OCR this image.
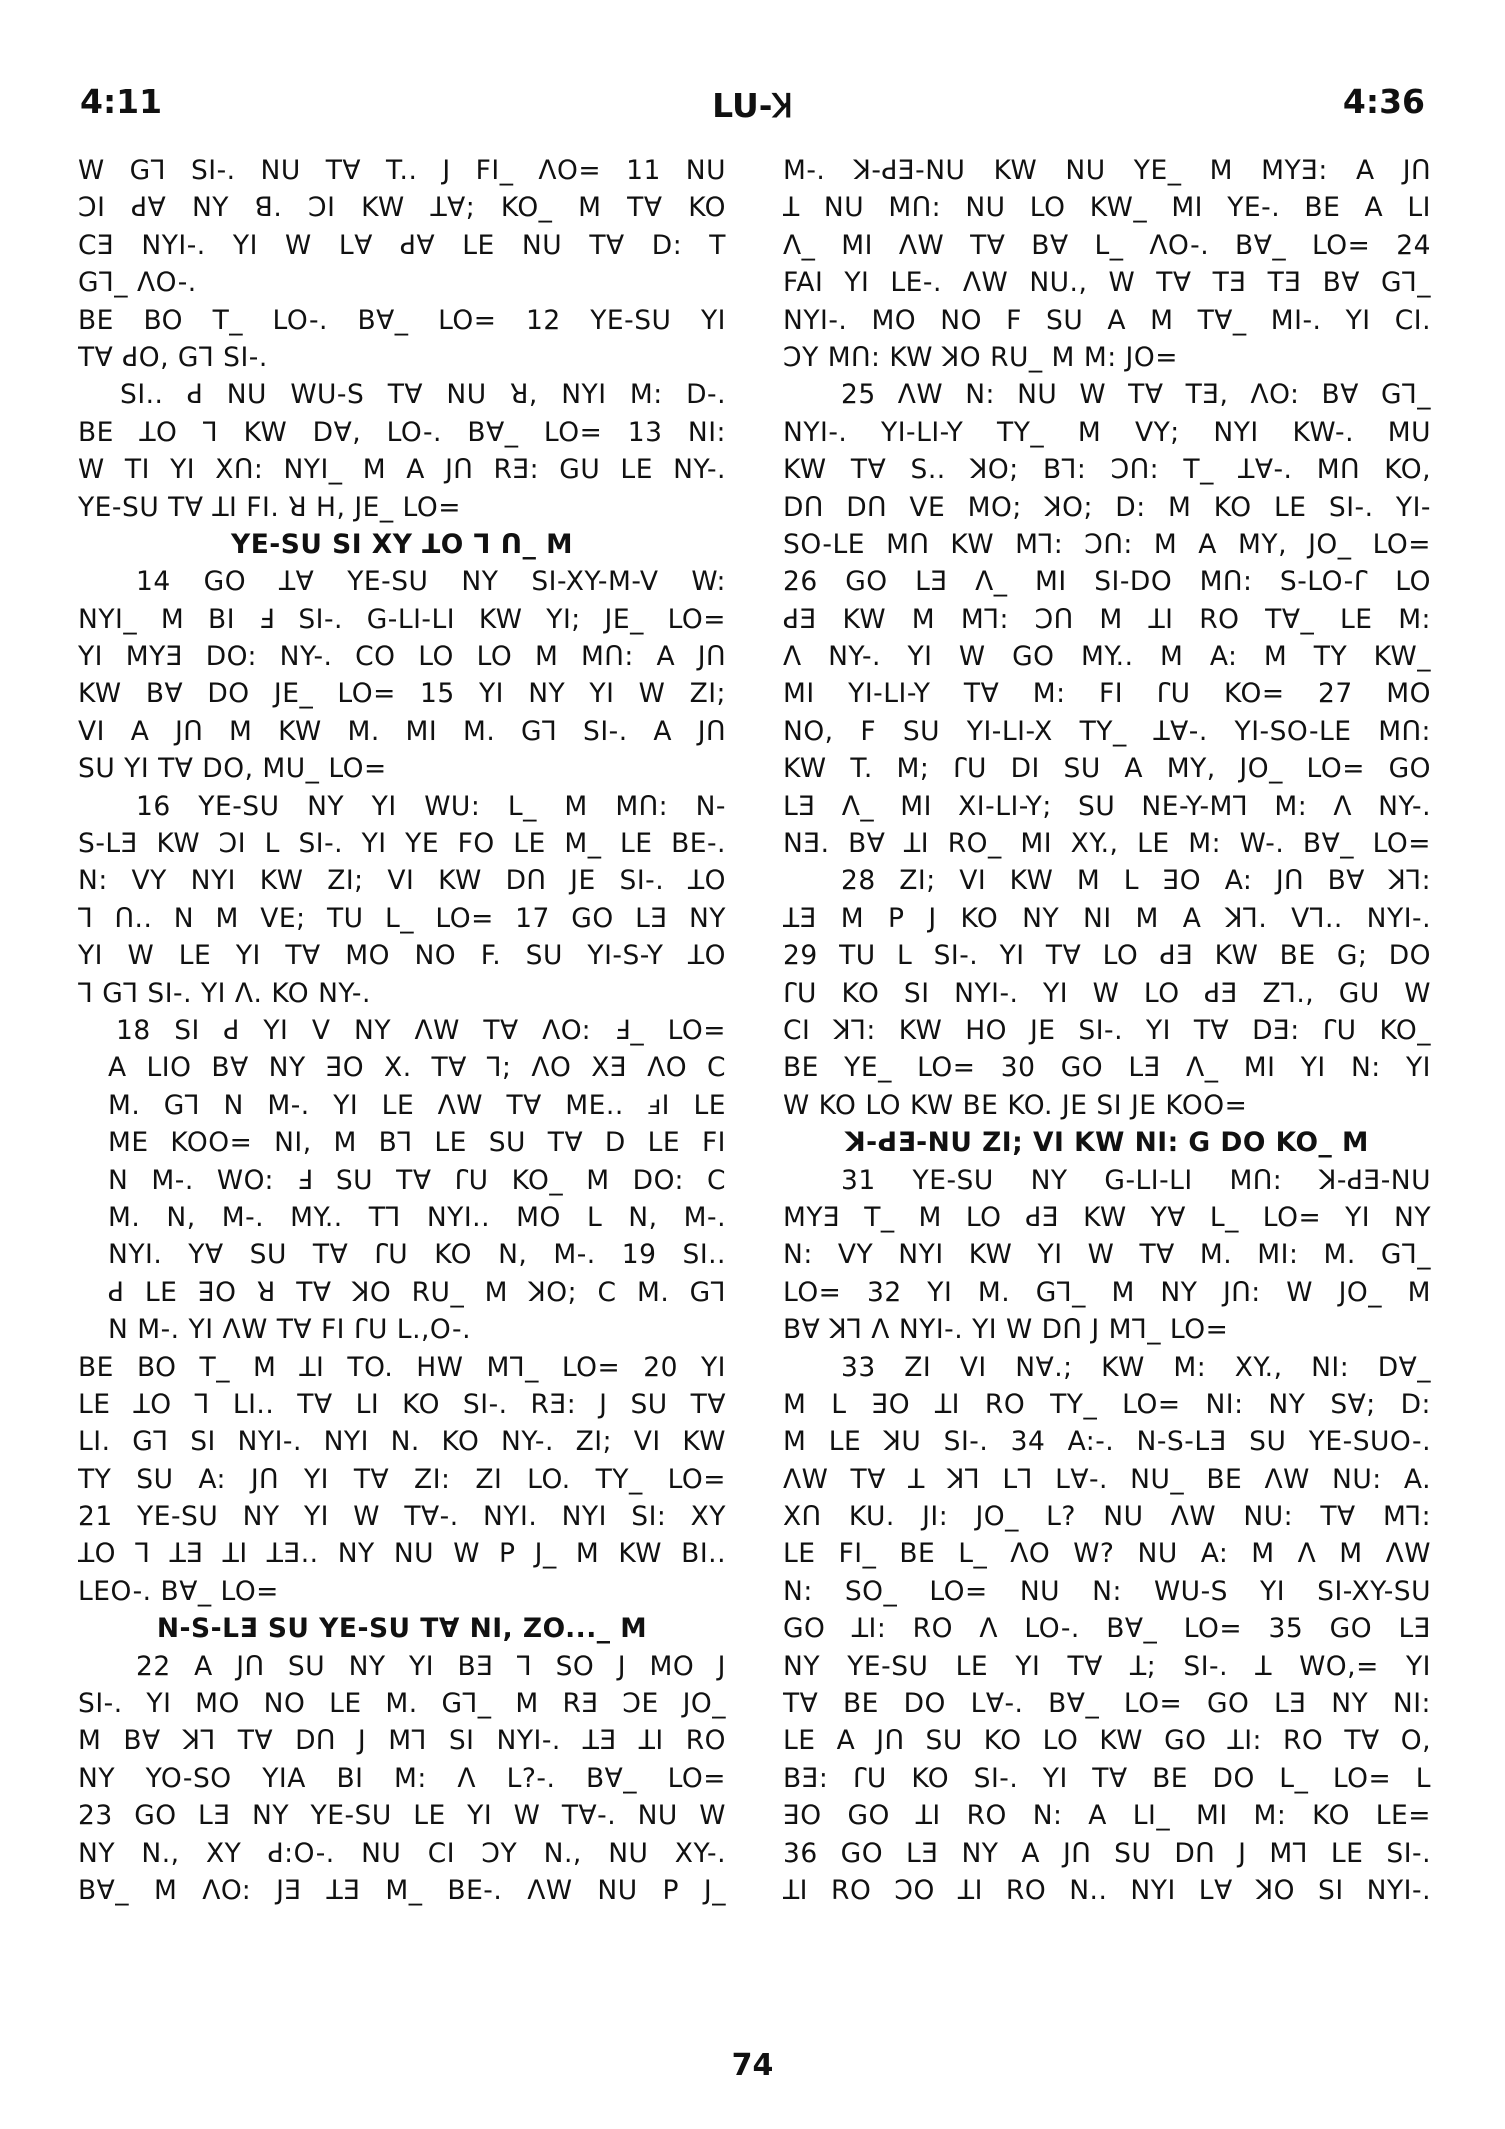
4:11	LU-Ʞ	4:36
W GꞀ SI-. NU Tꓯ T.. J FI_ ꓥO= 11 NU
ƆI ꓒꓯ NY ꓭ. ƆI KW ꓕꓯ; KO_ M Tꓯ KO
CƎ NYI-. YI W Lꓯ ꓒꓯ LE NU Tꓯ D: T
GꞀ_ ꓥO-.
BE BO T_ LO-. Bꓯ_ LO= 12 YE-SU YI
Tꓯ ꓒO, GꞀ SI-.
SI.. ꓒ NU WU-S Tꓯ NU ꓤ, NYI M: D-.
BE ꓕO Ꞁ KW Dꓯ, LO-. Bꓯ_ LO= 13 NI:
W TI YI Xꓵ: NYI_ M A Jꓵ RƎ: GU LE NY-.
YE-SU Tꓯ ꓕI FI. ꓤ H, JE_ LO=
YE-SU SI XY ꓕO Ꞁ ꓵ_ M
14 GO ꓕꓯ YE-SU NY SI-XY-M-V W:
NYI_ M BI Ⅎ SI-. G-LI-LI KW YI; JE_ LO=
YI MYƎ DO: NY-. CO LO LO M Mꓵ: A Jꓵ
KW Bꓯ DO JE_ LO= 15 YI NY YI W ZI;
VI A Jꓵ M KW M. MI M. GꞀ SI-. A Jꓵ
SU YI Tꓯ DO, MU_ LO=
16 YE-SU NY YI WU: L_ M Mꓵ: N-
S-LƎ KW ƆI L SI-. YI YE FO LE M_ LE BE-.
N: VY NYI KW ZI; VI KW Dꓵ JE SI-. ꓕO
Ꞁ ꓵ.. N M VE; TU L_ LO= 17 GO LƎ NY
YI W LE YI Tꓯ MO NO F. SU YI-S-Y ꓕO
Ꞁ GꞀ SI-. YI ꓥ. KO NY-.
18 SI ꓒ YI V NY ꓥW Tꓯ ꓥO: Ⅎ_ LO=
A LIO Bꓯ NY ꓱO X. Tꓯ Ꞁ; ꓥO XƎ ꓥO C
M. GꞀ N M-. YI LE ꓥW Tꓯ ME.. ⅎI LE
ME KOO= NI, M BꞀ LE SU Tꓯ D LE FI
N M-. WO: Ⅎ SU Tꓯ ꓩU KO_ M DO: C
M. N, M-. MY.. TꞀ NYI.. MO L N, M-.
NYI. Yꓯ SU Tꓯ ꓩU KO N, M-. 19 SI..
ꓒ LE ꓱO ꓤ Tꓯ ꓘO RU_ M ꓘO; C M. GꞀ
N M-. YI ꓥW Tꓯ FI ꓩU L.,O-.
BE BO T_ M ꓕI TO. HW MꞀ_ LO= 20 YI
LE ꓕO Ꞁ LI.. Tꓯ LI KO SI-. RƎ: J SU Tꓯ
LI. GꞀ SI NYI-. NYI N. KO NY-. ZI; VI KW
TY SU A: Jꓵ YI Tꓯ ZI: ZI LO. TY_ LO=
21 YE-SU NY YI W Tꓯ-. NYI. NYI SI: XY
ꓕO Ꞁ ꓕƎ ꓕI ꓕƎ.. NY NU W P J_ M KW BI..
LEO-. Bꓯ_ LO=
N-S-LƎ SU YE-SU Tꓯ NI, ZO..._ M
22 A Jꓵ SU NY YI BƎ Ꞁ SO J MO J
SI-. YI MO NO LE M. GꞀ_ M RƎ ƆE JO_
M Bꓯ ꓘꞀ Tꓯ Dꓵ J MꞀ SI NYI-. ꓕƎ ꓕI RO
NY YO-SO YIA BI M: ꓥ L?-. Bꓯ_ LO=
23 GO LƎ NY YE-SU LE YI W Tꓯ-. NU W
NY N., XY ꓒ:O-. NU CI ƆY N., NU XY-.
Bꓯ_ M ꓥO: JƎ ꓕƎ M_ BE-. ꓥW NU P J_
M-. ꓘ-ꓒƎ-NU KW NU YE_ M MYƎ: A Jꓵ
ꓕ NU Mꓵ: NU LO KW_ MI YE-. BE A LI
ꓥ_ MI ꓥW Tꓯ Bꓯ L_ ꓥO-. Bꓯ_ LO= 24
FAI YI LE-. ꓥW NU., W Tꓯ TƎ TƎ Bꓯ GꞀ_
NYI-. MO NO F SU A M Tꓯ_ MI-. YI CI.
ƆY Mꓵ: KW ꓘO RU_ M M: JO=
25 ꓥW N: NU W Tꓯ TƎ, ꓥO: Bꓯ GꞀ_
NYI-. YI-LI-Y TY_ M VY; NYI KW-. MU
KW Tꓯ S.. ꓘO; BꞀ: Ɔꓵ: T_ ꓕꓯ-. Mꓵ KO,
Dꓵ Dꓵ VE MO; ꓘO; D: M KO LE SI-. YI-
SO-LE Mꓵ KW MꞀ: Ɔꓵ: M A MY, JO_ LO=
26 GO LƎ ꓥ_ MI SI-DO Mꓵ: S-LO-ꓩ LO
ꓒƎ KW M MꞀ: Ɔꓵ M ꓕI RO Tꓯ_ LE M:
ꓥ NY-. YI W GO MY.. M A: M TY KW_
MI YI-LI-Y Tꓯ M: FI ꓩU KO= 27 MO
NO, F SU YI-LI-X TY_ ꓕꓯ-. YI-SO-LE Mꓵ:
KW T. M; ꓩU DI SU A MY, JO_ LO= GO
LƎ ꓥ_ MI XI-LI-Y; SU NE-Y-MꞀ M: ꓥ NY-.
NƎ. Bꓯ ꓕI RO_ MI XY., LE M: W-. Bꓯ_ LO=
28 ZI; VI KW M L ꓱO A: Jꓵ Bꓯ ꓘꞀ:
ꓕƎ M P J KO NY NI M A ꓘꞀ. VꞀ.. NYI-.
29 TU L SI-. YI Tꓯ LO ꓒƎ KW BE G; DO
ꓩU KO SI NYI-. YI W LO ꓒƎ ZꞀ., GU W
CI ꓘꞀ: KW HO JE SI-. YI Tꓯ DƎ: ꓩU KO_
BE YE_ LO= 30 GO LƎ ꓥ_ MI YI N: YI
W KO LO KW BE KO. JE SI JE KOO=
ꓘ-ꓒƎ-NU ZI; VI KW NI: G DO KO_ M
31 YE-SU NY G-LI-LI Mꓵ: ꓘ-ꓒƎ-NU
MYƎ T_ M LO ꓒƎ KW Yꓯ L_ LO= YI NY
N: VY NYI KW YI W Tꓯ M. MI: M. GꞀ_
LO= 32 YI M. GꞀ_ M NY Jꓵ: W JO_ M
Bꓯ ꓘꞀ ꓥ NYI-. YI W Dꓵ J MꞀ_ LO=
33 ZI VI Nꓯ.; KW M: XY., NI: Dꓯ_
M L ꓱO ꓕI RO TY_ LO= NI: NY Sꓯ; D:
M LE ꓘU SI-. 34 A:-. N-S-LƎ SU YE-SUO-.
ꓥW Tꓯ ꓕ ꓘꞀ LꞀ Lꓯ-. NU_ BE ꓥW NU: A.
Xꓵ KU. JI: JO_ L? NU ꓥW NU: Tꓯ MꞀ:
LE FI_ BE L_ ꓥO W? NU A: M ꓥ M ꓥW
N: SO_ LO= NU N: WU-S YI SI-XY-SU
GO ꓕI: RO ꓥ LO-. Bꓯ_ LO= 35 GO LƎ
NY YE-SU LE YI Tꓯ ꓕ; SI-. ꓕ WO,= YI
Tꓯ BE DO Lꓯ-. Bꓯ_ LO= GO LƎ NY NI:
LE A Jꓵ SU KO LO KW GO ꓕI: RO Tꓯ O,
BƎ: ꓩU KO SI-. YI Tꓯ BE DO L_ LO= L
ꓱO GO ꓕI RO N: A LI_ MI M: KO LE=
36 GO LƎ NY A Jꓵ SU Dꓵ J MꞀ LE SI-.
ꓕI RO ƆO ꓕI RO N.. NYI Lꓯ ꓘO SI NYI-.
74
